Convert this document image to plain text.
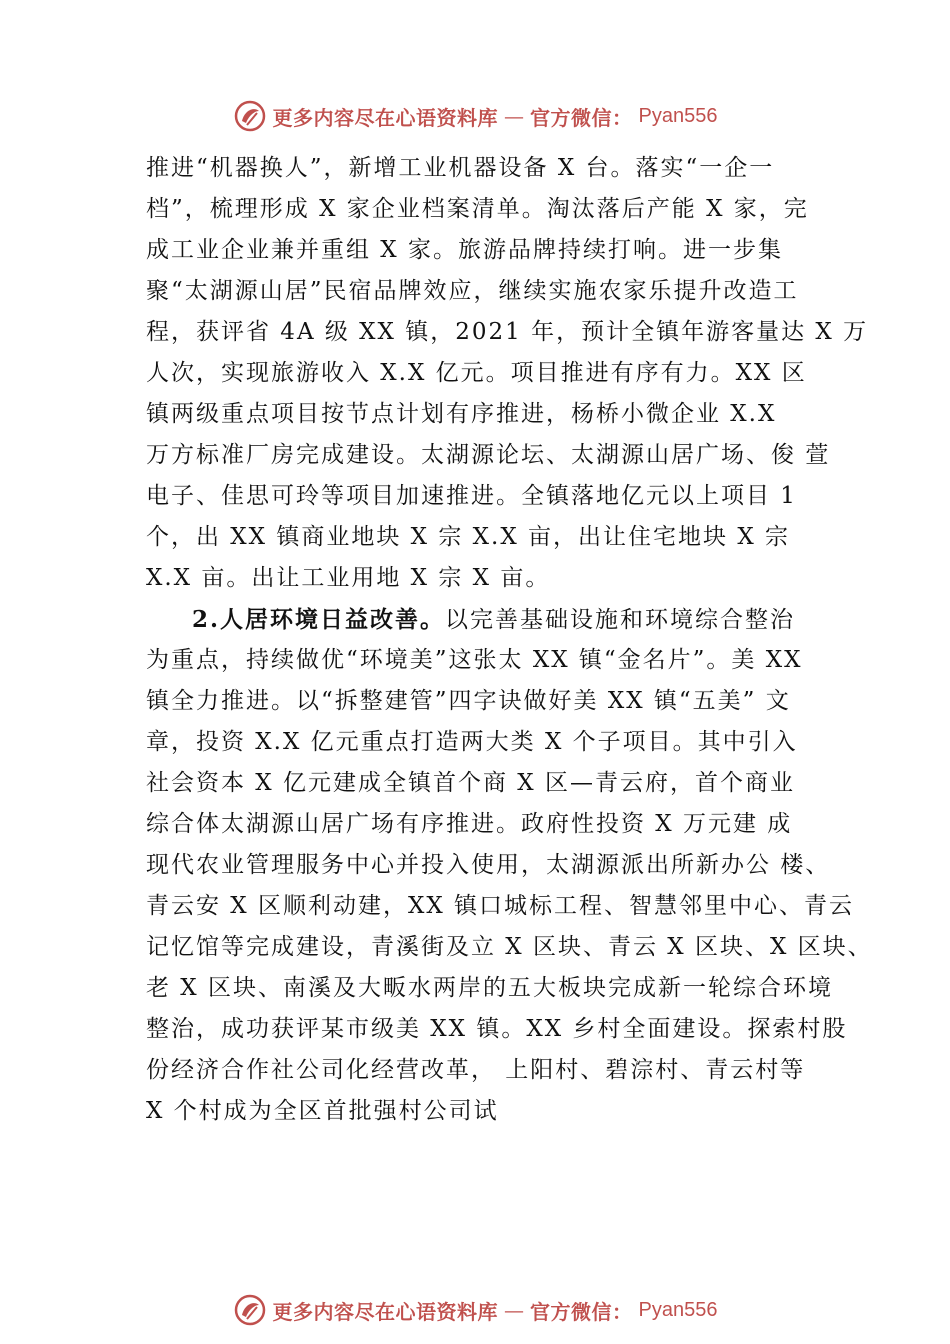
更多内容尽在心语资料库 — 官方微信： Pyan556
推进“机器换人”，新增工业机器设备 X 台。落实“一企一
档”，梳理形成 X 家企业档案清单。淘汰落后产能 X 家，完
成工业企业兼并重组 X 家。旅游品牌持续打响。进一步集
聚“太湖源山居”民宿品牌效应，继续实施农家乐提升改造工
程，获评省 4A 级 XX 镇，2021 年，预计全镇年游客量达 X 万
人次，实现旅游收入 X.X 亿元。项目推进有序有力。XX 区
镇两级重点项目按节点计划有序推进，杨桥小微企业 X.X
万方标准厂房完成建设。太湖源论坛、太湖源山居广场、俊 萱
电子、佳思可玲等项目加速推进。全镇落地亿元以上项目 1
个，出 XX 镇商业地块 X 宗 X.X 亩，出让住宅地块 X 宗
X.X 亩。出让工业用地 X 宗 X 亩。
2.人居环境日益改善。以完善基础设施和环境综合整治
为重点，持续做优“环境美”这张太 XX 镇“金名片”。美 XX
镇全力推进。以“拆整建管”四字诀做好美 XX 镇“五美” 文
章，投资 X.X 亿元重点打造两大类 X 个子项目。其中引入
社会资本 X 亿元建成全镇首个商 X 区—青云府，首个商业
综合体太湖源山居广场有序推进。政府性投资 X 万元建 成
现代农业管理服务中心并投入使用，太湖源派出所新办公 楼、
青云安 X 区顺利动建，XX 镇口城标工程、智慧邻里中心、青云
记忆馆等完成建设，青溪街及立 X 区块、青云 X 区块、X 区块、
老 X 区块、南溪及大畈水两岸的五大板块完成新一轮综合环境
整治，成功获评某市级美 XX 镇。XX 乡村全面建设。探索村股
份经济合作社公司化经营改革， 上阳村、碧淙村、青云村等
X 个村成为全区首批强村公司试
更多内容尽在心语资料库 — 官方微信： Pyan556
